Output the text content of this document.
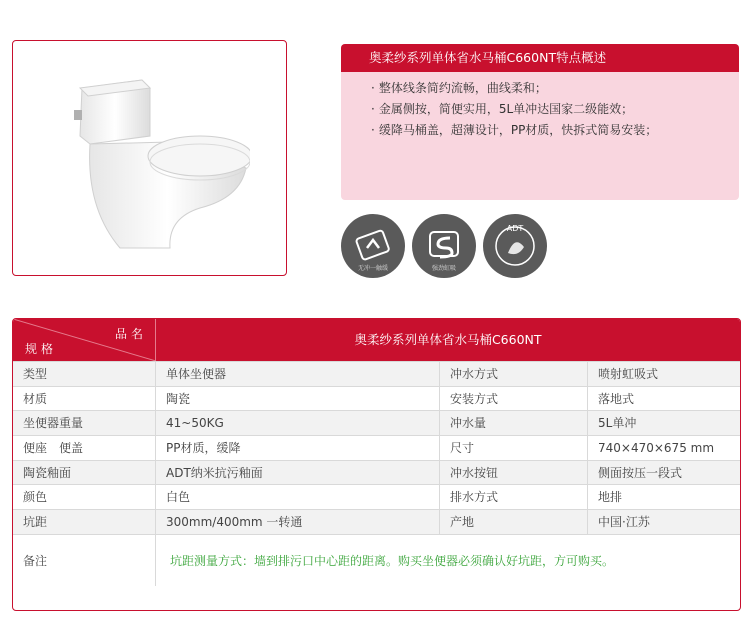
奥柔纱系列单体省水马桶C660NT特点概述
· 整体线条简约流畅，曲线柔和；
· 金属侧按，简便实用，5L单冲达国家二级能效；
· 缓降马桶盖，超薄设计，PP材质，快拆式简易安装；
无冲一触缓	强劲虹吸
ADT
品名
规格
奥柔纱系列单体省水马桶C660NT
类型	单体坐便器	冲水方式	喷射虹吸式
材质	陶瓷	安装方式	落地式
坐便器重量	41~50KG	冲水量	5L单冲
便座　便盖	PP材质，缓降	尺寸	740×470×675 mm
陶瓷釉面	ADT纳米抗污釉面	冲水按钮	侧面按压一段式
颜色	白色	排水方式	地排
坑距	300mm/400mm 一转通	产地	中国·江苏
备注	坑距测量方式：墙到排污口中心距的距离。购买坐便器必须确认好坑距，方可购买。
